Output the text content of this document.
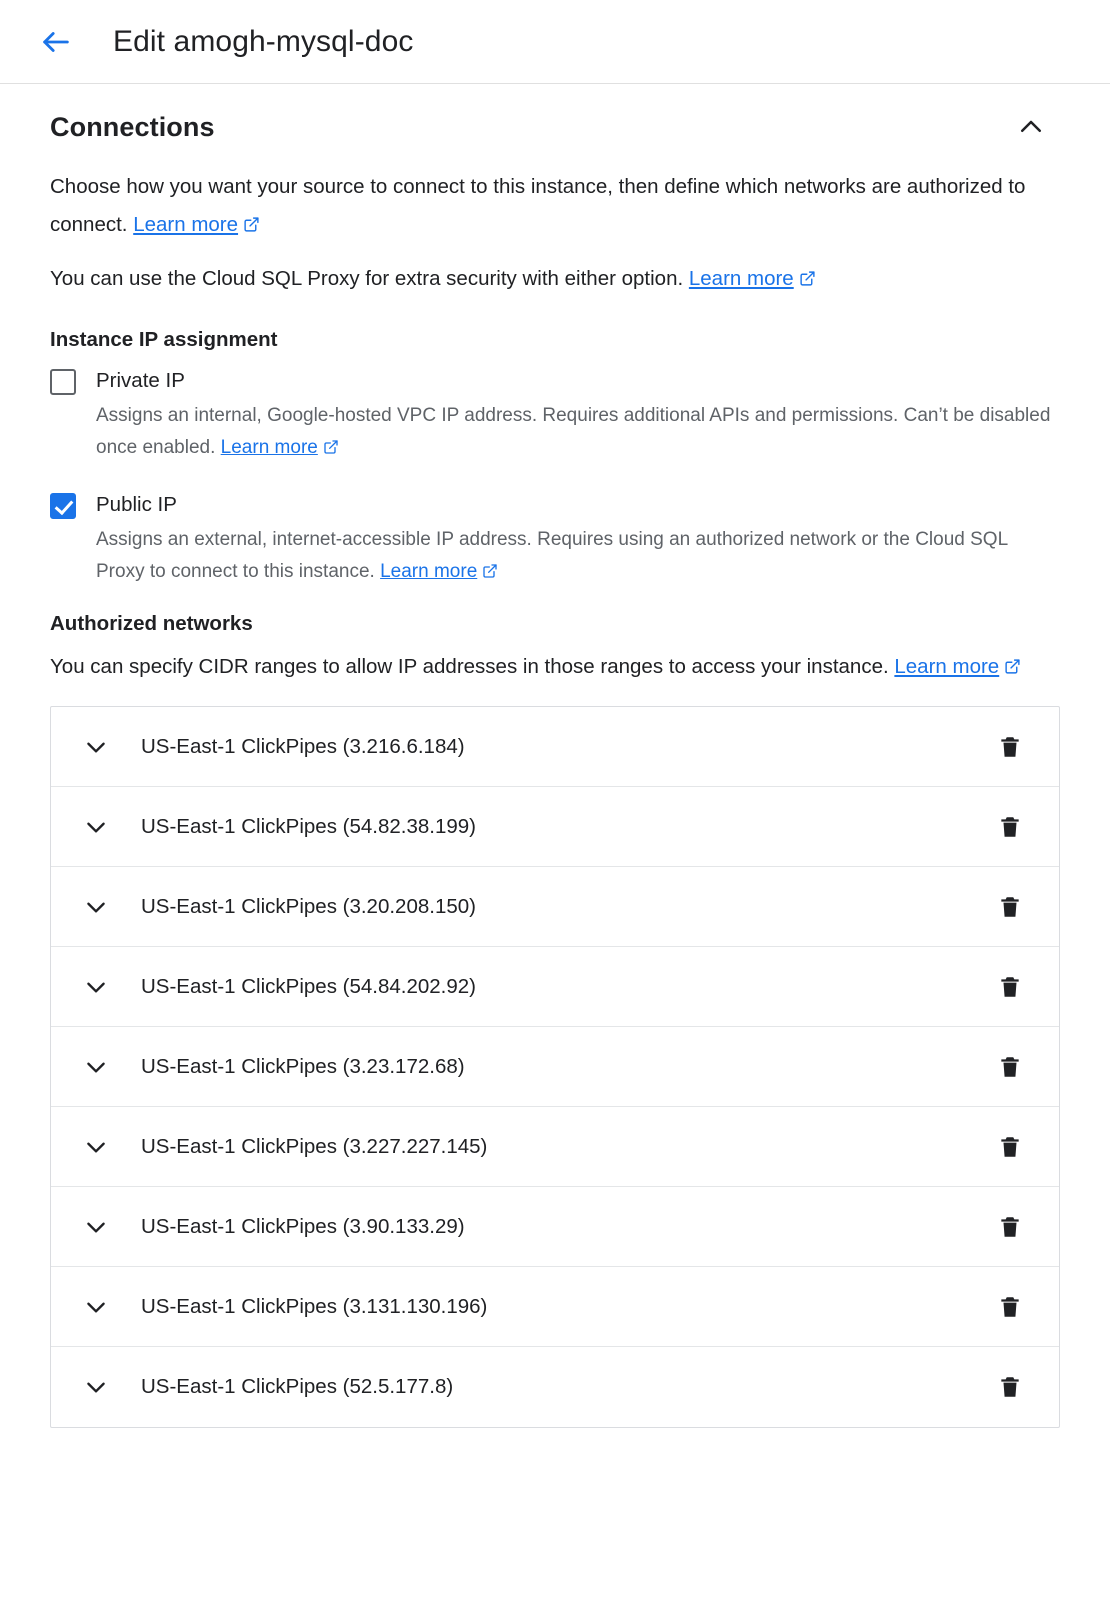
Edit amogh-mysql-doc
Connections

Choose how you want your source to connect to this instance, then define which networks are authorized to connect. Learn more

You can use the Cloud SQL Proxy for extra security with either option. Learn more

Instance IP assignment
Private IP
Assigns an internal, Google-hosted VPC IP address. Requires additional APIs and permissions. Can’t be disabled once enabled. Learn more
Public IP
Assigns an external, internet-accessible IP address. Requires using an authorized network or the Cloud SQL Proxy to connect to this instance. Learn more
Authorized networks

You can specify CIDR ranges to allow IP addresses in those ranges to access your instance. Learn more

US-East-1 ClickPipes (3.216.6.184)
US-East-1 ClickPipes (54.82.38.199)
US-East-1 ClickPipes (3.20.208.150)
US-East-1 ClickPipes (54.84.202.92)
US-East-1 ClickPipes (3.23.172.68)
US-East-1 ClickPipes (3.227.227.145)
US-East-1 ClickPipes (3.90.133.29)
US-East-1 ClickPipes (3.131.130.196)
US-East-1 ClickPipes (52.5.177.8)
